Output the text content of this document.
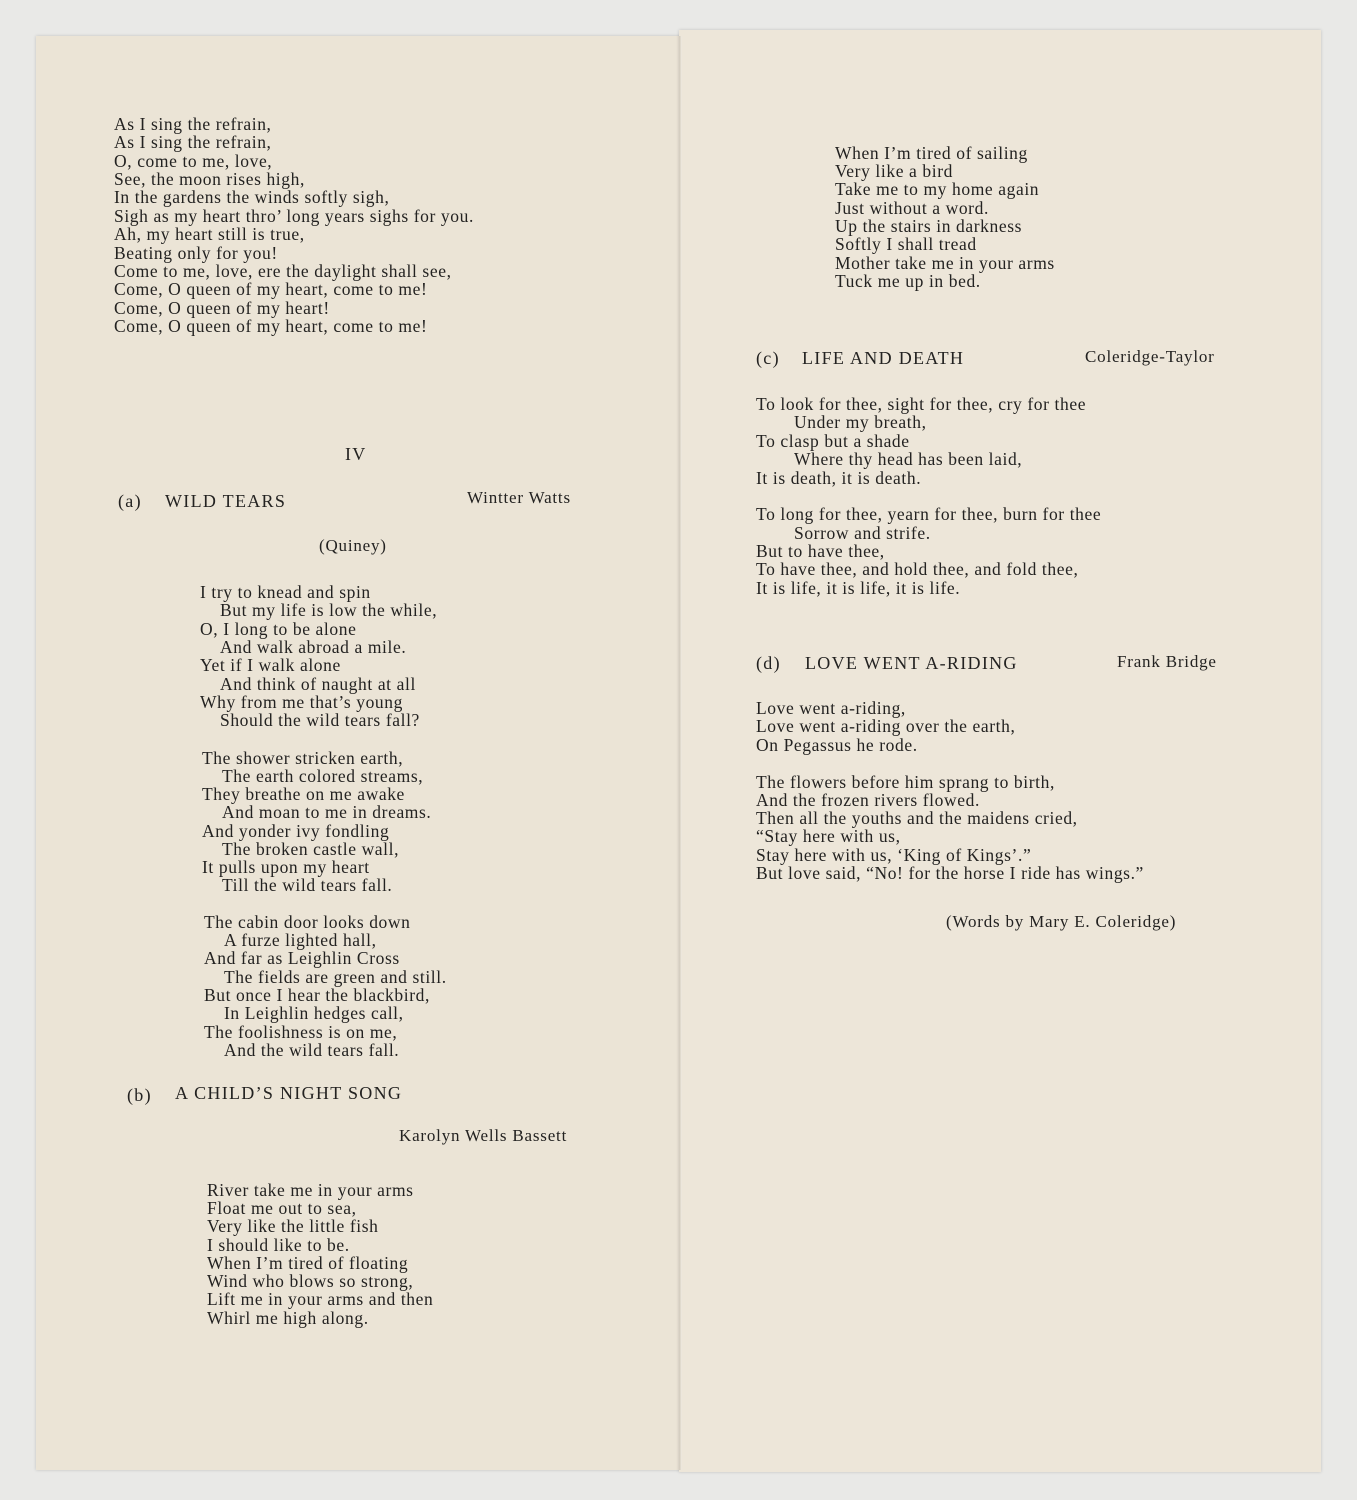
As I sing the refrain,
As I sing the refrain,
O, come to me, love,
See, the moon rises high,
In the gardens the winds softly sigh,
Sigh as my heart thro’ long years sighs for you.
Ah, my heart still is true,
Beating only for you!
Come to me, love, ere the daylight shall see,
Come, O queen of my heart, come to me!
Come, O queen of my heart!
Come, O queen of my heart, come to me!
IV
(a) WILD TEARS	Wintter Watts
(Quiney)
I try to knead and spin
But my life is low the while,
O, I long to be alone
And walk abroad a mile.
Yet if I walk alone
And think of naught at all
Why from me that’s young
Should the wild tears fall?
The shower stricken earth,
The earth colored streams,
They breathe on me awake
And moan to me in dreams.
And yonder ivy fondling
The broken castle wall,
It pulls upon my heart
Till the wild tears fall.
The cabin door looks down
A furze lighted hall,
And far as Leighlin Cross
The fields are green and still.
But once I hear the blackbird,
In Leighlin hedges call,
The foolishness is on me,
And the wild tears fall.
(b) A CHILD’S NIGHT SONG
Karolyn Wells Bassett
River take me in your arms
Float me out to sea,
Very like the little fish
I should like to be.
When I’m tired of floating
Wind who blows so strong,
Lift me in your arms and then
Whirl me high along.
When I’m tired of sailing
Very like a bird
Take me to my home again
Just without a word.
Up the stairs in darkness
Softly I shall tread
Mother take me in your arms
Tuck me up in bed.
(c) LIFE AND DEATH	Coleridge-Taylor
To look for thee, sight for thee, cry for thee
Under my breath,
To clasp but a shade
Where thy head has been laid,
It is death, it is death.
To long for thee, yearn for thee, burn for thee
Sorrow and strife.
But to have thee,
To have thee, and hold thee, and fold thee,
It is life, it is life, it is life.
(d) LOVE WENT A-RIDING	Frank Bridge
Love went a-riding,
Love went a-riding over the earth,
On Pegassus he rode.
The flowers before him sprang to birth,
And the frozen rivers flowed.
Then all the youths and the maidens cried,
“Stay here with us,
Stay here with us, ‘King of Kings’.”
But love said, “No! for the horse I ride has wings.”
(Words by Mary E. Coleridge)
